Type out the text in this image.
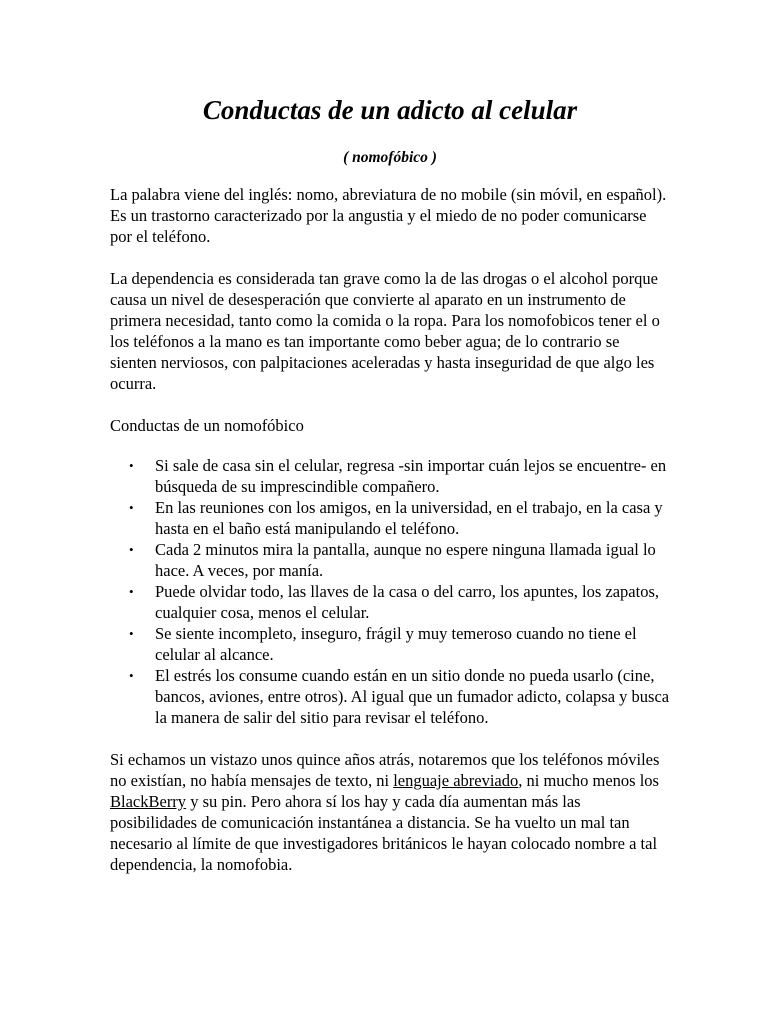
Conductas de un adicto al celular
( nomofóbico )

La palabra viene del inglés: nomo, abreviatura de no mobile (sin móvil, en español). Es un trastorno caracterizado por la angustia y el miedo de no poder comunicarse por el teléfono.

La dependencia es considerada tan grave como la de las drogas o el alcohol porque causa un nivel de desesperación que convierte al aparato en un instrumento de primera necesidad, tanto como la comida o la ropa. Para los nomofobicos tener el o los teléfonos a la mano es tan importante como beber agua; de lo contrario se sienten nerviosos, con palpitaciones aceleradas y hasta inseguridad de que algo les ocurra.

Conductas de un nomofóbico

• Si sale de casa sin el celular, regresa -sin importar cuán lejos se encuentre- en búsqueda de su imprescindible compañero.
• En las reuniones con los amigos, en la universidad, en el trabajo, en la casa y hasta en el baño está manipulando el teléfono.
• Cada 2 minutos mira la pantalla, aunque no espere ninguna llamada igual lo hace. A veces, por manía.
• Puede olvidar todo, las llaves de la casa o del carro, los apuntes, los zapatos, cualquier cosa, menos el celular.
• Se siente incompleto, inseguro, frágil y muy temeroso cuando no tiene el celular al alcance.
• El estrés los consume cuando están en un sitio donde no pueda usarlo (cine, bancos, aviones, entre otros). Al igual que un fumador adicto, colapsa y busca la manera de salir del sitio para revisar el teléfono.

Si echamos un vistazo unos quince años atrás, notaremos que los teléfonos móviles no existían, no había mensajes de texto, ni lenguaje abreviado, ni mucho menos los BlackBerry y su pin. Pero ahora sí los hay y cada día aumentan más las posibilidades de comunicación instantánea a distancia. Se ha vuelto un mal tan necesario al límite de que investigadores británicos le hayan colocado nombre a tal dependencia, la nomofobia.
